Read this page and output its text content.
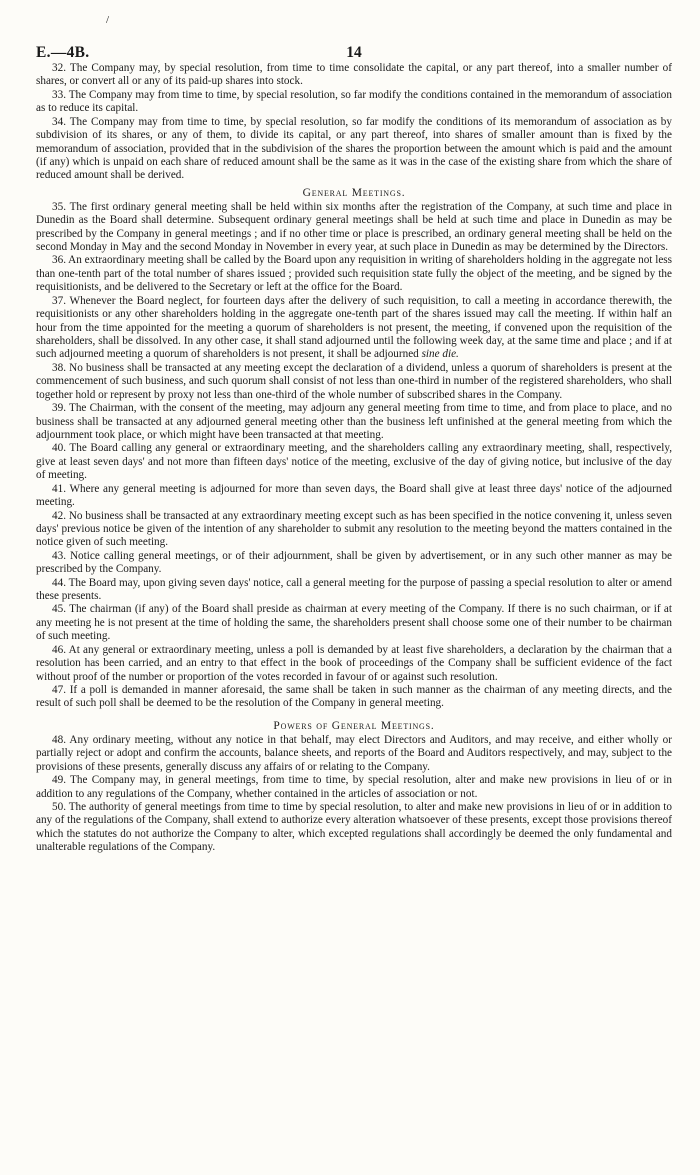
/
E.—4B.	14

32. The Company may, by special resolution, from time to time consolidate the capital, or any part thereof, into a smaller number of shares, or convert all or any of its paid-up shares into stock.

33. The Company may from time to time, by special resolution, so far modify the conditions contained in the memorandum of association as to reduce its capital.

34. The Company may from time to time, by special resolution, so far modify the conditions of its memorandum of association as by subdivision of its shares, or any of them, to divide its capital, or any part thereof, into shares of smaller amount than is fixed by the memorandum of association, provided that in the subdivision of the shares the proportion between the amount which is paid and the amount (if any) which is unpaid on each share of reduced amount shall be the same as it was in the case of the existing share from which the share of reduced amount shall be derived.

General Meetings.

35. The first ordinary general meeting shall be held within six months after the registration of the Company, at such time and place in Dunedin as the Board shall determine. Subsequent ordinary general meetings shall be held at such time and place in Dunedin as may be prescribed by the Company in general meetings ; and if no other time or place is prescribed, an ordinary general meeting shall be held on the second Monday in May and the second Monday in November in every year, at such place in Dunedin as may be determined by the Directors.

36. An extraordinary meeting shall be called by the Board upon any requisition in writing of shareholders holding in the aggregate not less than one-tenth part of the total number of shares issued ; provided such requisition state fully the object of the meeting, and be signed by the requisitionists, and be delivered to the Secretary or left at the office for the Board.

37. Whenever the Board neglect, for fourteen days after the delivery of such requisition, to call a meeting in accordance therewith, the requisitionists or any other shareholders holding in the aggregate one-tenth part of the shares issued may call the meeting. If within half an hour from the time appointed for the meeting a quorum of shareholders is not present, the meeting, if convened upon the requisition of the shareholders, shall be dissolved. In any other case, it shall stand adjourned until the following week day, at the same time and place ; and if at such adjourned meeting a quorum of shareholders is not present, it shall be adjourned sine die.

38. No business shall be transacted at any meeting except the declaration of a dividend, unless a quorum of shareholders is present at the commencement of such business, and such quorum shall consist of not less than one-third in number of the registered shareholders, who shall together hold or represent by proxy not less than one-third of the whole number of subscribed shares in the Company.

39. The Chairman, with the consent of the meeting, may adjourn any general meeting from time to time, and from place to place, and no business shall be transacted at any adjourned general meeting other than the business left unfinished at the general meeting from which the adjournment took place, or which might have been transacted at that meeting.

40. The Board calling any general or extraordinary meeting, and the shareholders calling any extraordinary meeting, shall, respectively, give at least seven days' and not more than fifteen days' notice of the meeting, exclusive of the day of giving notice, but inclusive of the day of meeting.

41. Where any general meeting is adjourned for more than seven days, the Board shall give at least three days' notice of the adjourned meeting.

42. No business shall be transacted at any extraordinary meeting except such as has been specified in the notice convening it, unless seven days' previous notice be given of the intention of any shareholder to submit any resolution to the meeting beyond the matters contained in the notice given of such meeting.

43. Notice calling general meetings, or of their adjournment, shall be given by advertisement, or in any such other manner as may be prescribed by the Company.

44. The Board may, upon giving seven days' notice, call a general meeting for the purpose of passing a special resolution to alter or amend these presents.

45. The chairman (if any) of the Board shall preside as chairman at every meeting of the Company. If there is no such chairman, or if at any meeting he is not present at the time of holding the same, the shareholders present shall choose some one of their number to be chairman of such meeting.

46. At any general or extraordinary meeting, unless a poll is demanded by at least five shareholders, a declaration by the chairman that a resolution has been carried, and an entry to that effect in the book of proceedings of the Company shall be sufficient evidence of the fact without proof of the number or proportion of the votes recorded in favour of or against such resolution.

47. If a poll is demanded in manner aforesaid, the same shall be taken in such manner as the chairman of any meeting directs, and the result of such poll shall be deemed to be the resolution of the Company in general meeting.

Powers of General Meetings.

48. Any ordinary meeting, without any notice in that behalf, may elect Directors and Auditors, and may receive, and either wholly or partially reject or adopt and confirm the accounts, balance sheets, and reports of the Board and Auditors respectively, and may, subject to the provisions of these presents, generally discuss any affairs of or relating to the Company.

49. The Company may, in general meetings, from time to time, by special resolution, alter and make new provisions in lieu of or in addition to any regulations of the Company, whether contained in the articles of association or not.

50. The authority of general meetings from time to time by special resolution, to alter and make new provisions in lieu of or in addition to any of the regulations of the Company, shall extend to authorize every alteration whatsoever of these presents, except those provisions thereof which the statutes do not authorize the Company to alter, which excepted regulations shall accordingly be deemed the only fundamental and unalterable regulations of the Company.
